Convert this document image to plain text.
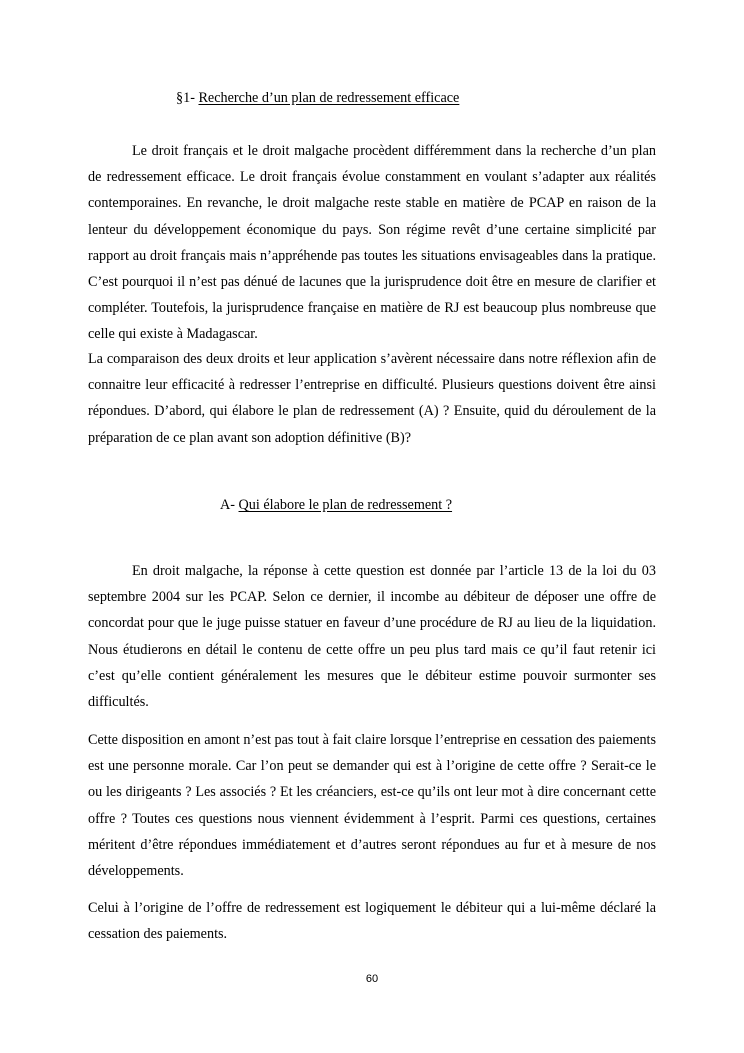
§1- Recherche d’un plan de redressement efficace

Le droit français et le droit malgache procèdent différemment dans la recherche d’un plan de redressement efficace. Le droit français évolue constamment en voulant s’adapter aux réalités contemporaines. En revanche, le droit malgache reste stable en matière de PCAP en raison de la lenteur du développement économique du pays. Son régime revêt d’une certaine simplicité par rapport au droit français mais n’appréhende pas toutes les situations envisageables dans la pratique. C’est pourquoi il n’est pas dénué de lacunes que la jurisprudence doit être en mesure de clarifier et compléter. Toutefois, la jurisprudence française en matière de RJ est beaucoup plus nombreuse que celle qui existe à Madagascar.

La comparaison des deux droits et leur application s’avèrent nécessaire dans notre réflexion afin de connaitre leur efficacité à redresser l’entreprise en difficulté. Plusieurs questions doivent être ainsi répondues. D’abord, qui élabore le plan de redressement (A) ? Ensuite, quid du déroulement de la préparation de ce plan avant son adoption définitive (B)?

A- Qui élabore le plan de redressement ?

En droit malgache, la réponse à cette question est donnée par l’article 13 de la loi du 03 septembre 2004 sur les PCAP. Selon ce dernier, il incombe au débiteur de déposer une offre de concordat pour que le juge puisse statuer en faveur d’une procédure de RJ au lieu de la liquidation. Nous étudierons en détail le contenu de cette offre un peu plus tard mais ce qu’il faut retenir ici c’est qu’elle contient généralement les mesures que le débiteur estime pouvoir surmonter ses difficultés.

Cette disposition en amont n’est pas tout à fait claire lorsque l’entreprise en cessation des paiements est une personne morale. Car l’on peut se demander qui est à l’origine de cette offre ? Serait-ce le ou les dirigeants ? Les associés ? Et les créanciers, est-ce qu’ils ont leur mot à dire concernant cette offre ? Toutes ces questions nous viennent évidemment à l’esprit. Parmi ces questions, certaines méritent d’être répondues immédiatement et d’autres seront répondues au fur et à mesure de nos développements.

Celui à l’origine de l’offre de redressement est logiquement le débiteur qui a lui-même déclaré la cessation des paiements.

60
